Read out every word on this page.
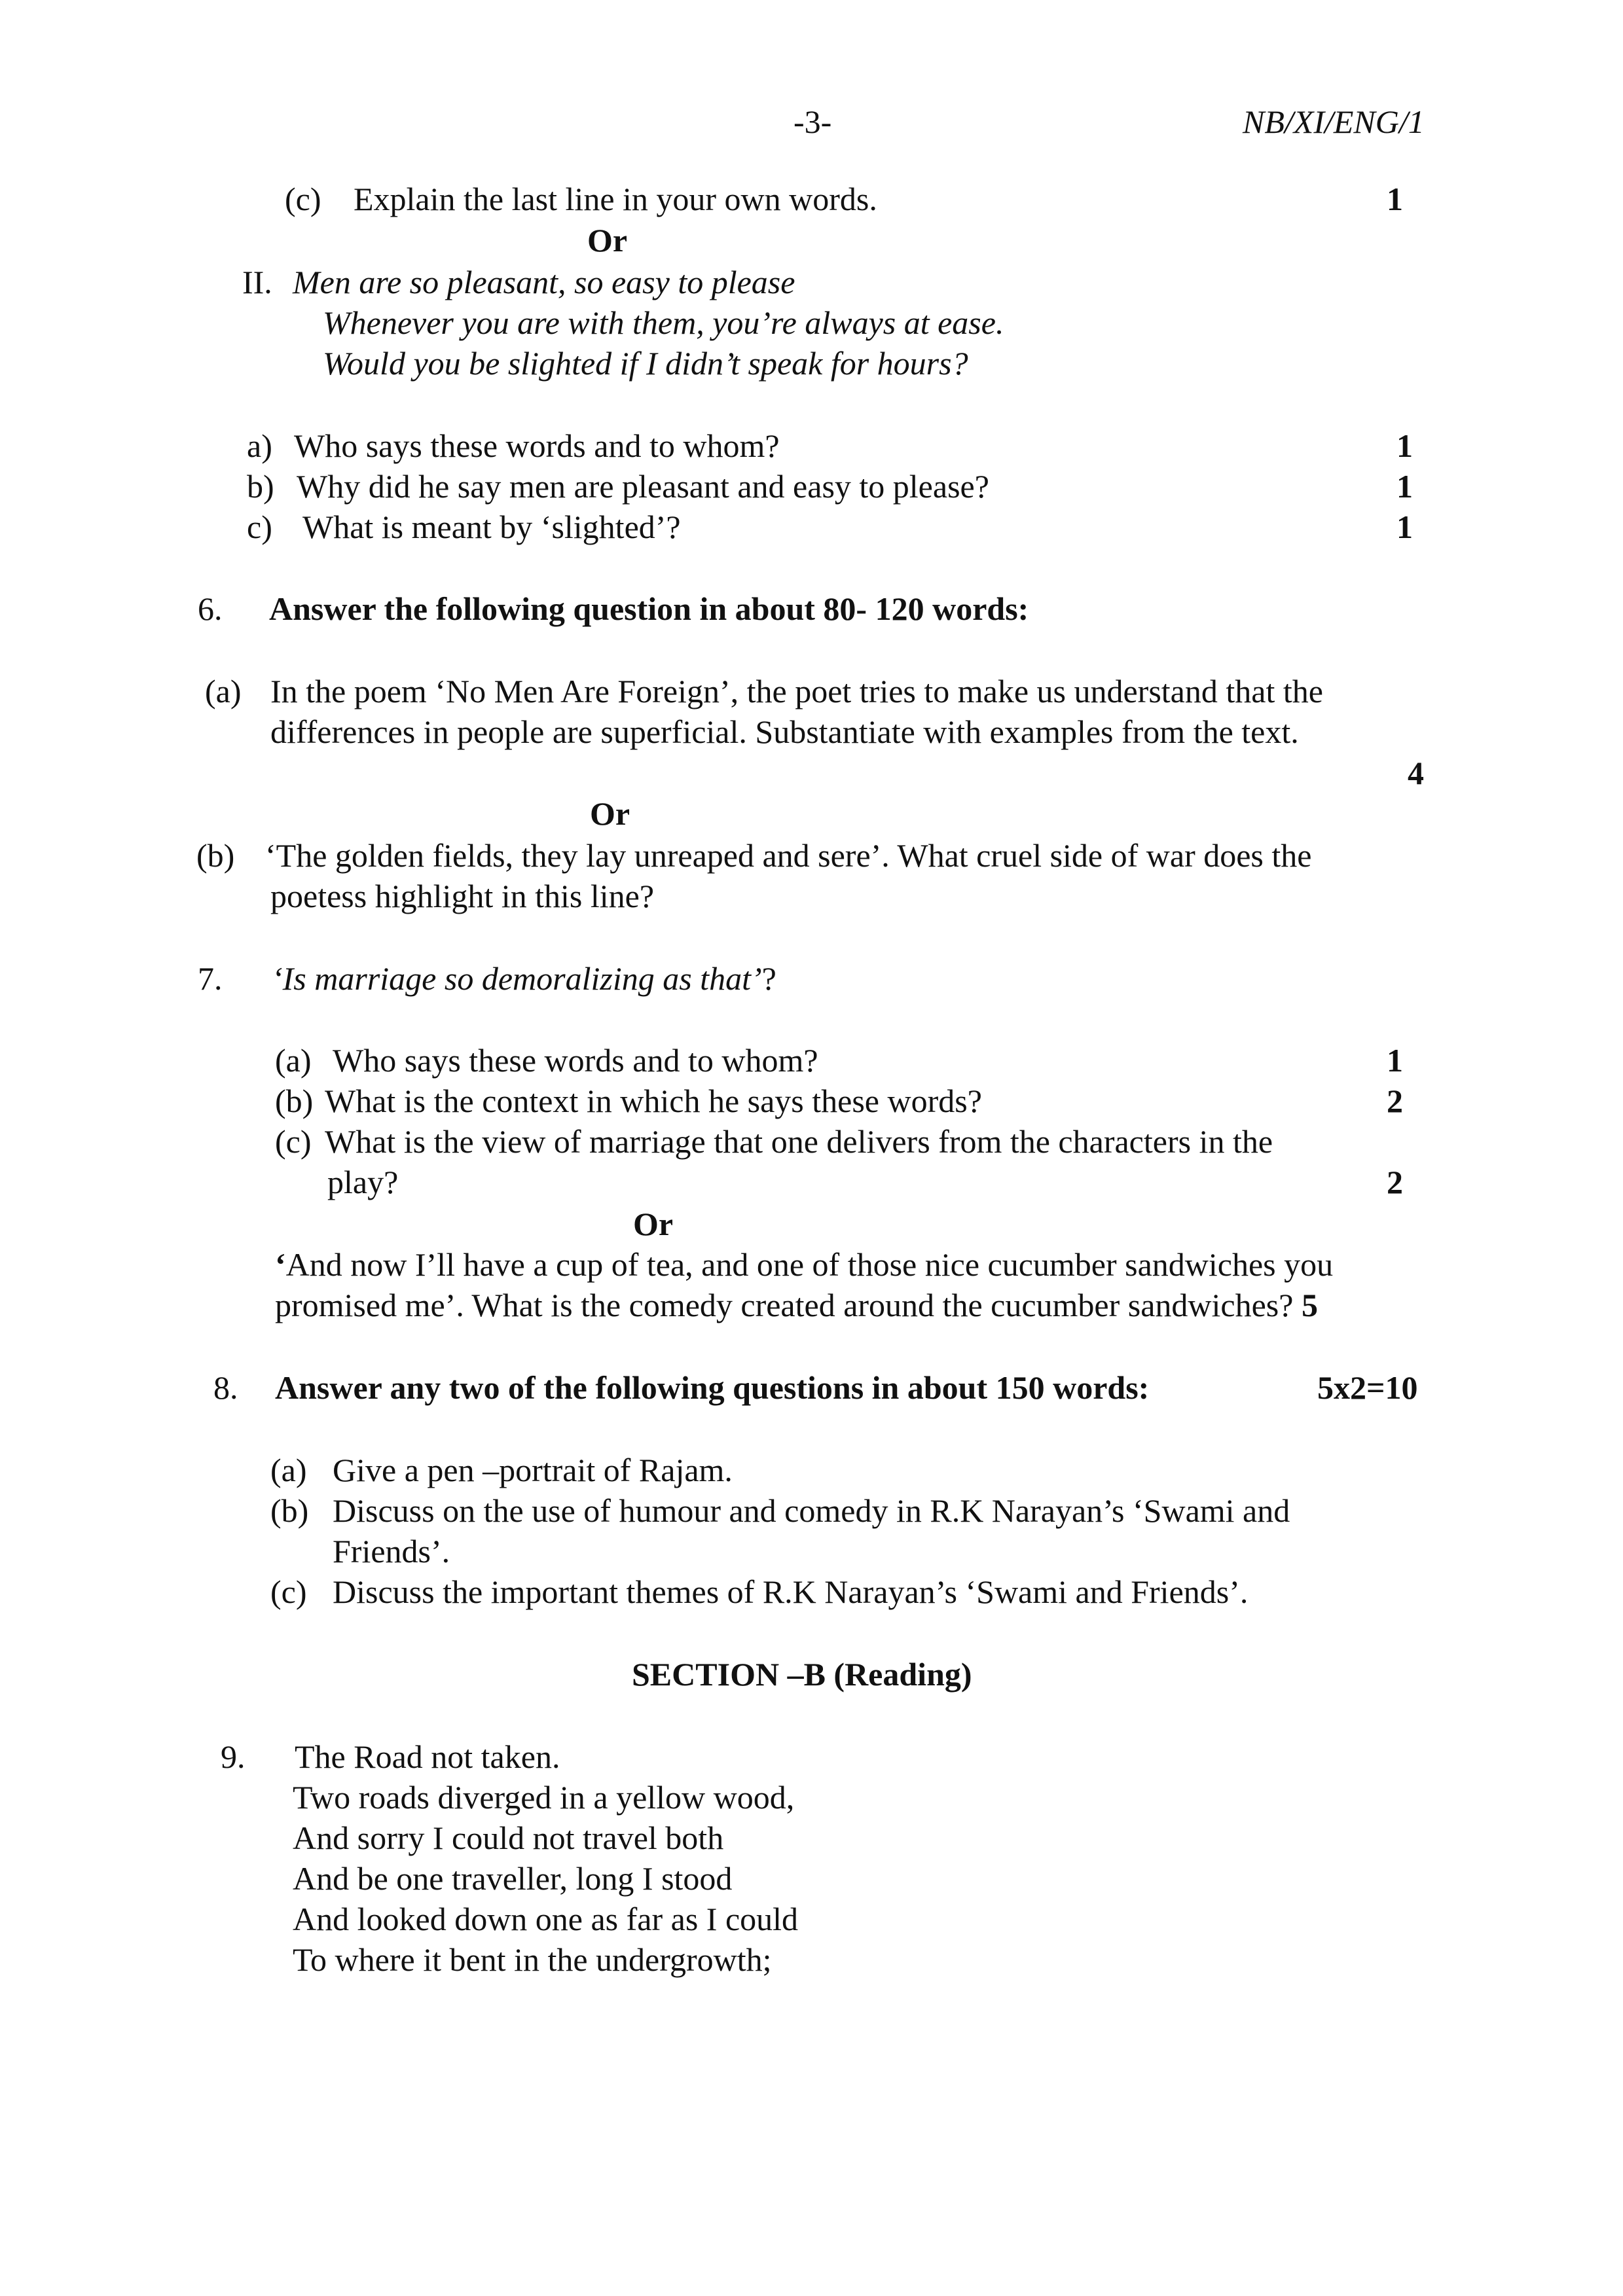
-3-	NB/XI/ENG/1
(c) Explain the last line in your own words.	1
Or
II. Men are so pleasant, so easy to please
Whenever you are with them, you’re always at ease.
Would you be slighted if I didn’t speak for hours?
a) Who says these words and to whom?	1
b) Why did he say men are pleasant and easy to please?	1
c) What is meant by ‘slighted’?	1
6. Answer the following question in about 80- 120 words:
(a) In the poem ‘No Men Are Foreign’, the poet tries to make us understand that the
differences in people are superficial. Substantiate with examples from the text.
4
Or
(b) ‘The golden fields, they lay unreaped and sere’. What cruel side of war does the
poetess highlight in this line?
7. ‘Is marriage so demoralizing as that’?
(a) Who says these words and to whom?	1
(b) What is the context in which he says these words?	2
(c) What is the view of marriage that one delivers from the characters in the
play?	2
Or
‘And now I’ll have a cup of tea, and one of those nice cucumber sandwiches you
promised me’. What is the comedy created around the cucumber sandwiches? 5
8. Answer any two of the following questions in about 150 words:	5x2=10
(a) Give a pen –portrait of Rajam.
(b) Discuss on the use of humour and comedy in R.K Narayan’s ‘Swami and
Friends’.
(c) Discuss the important themes of R.K Narayan’s ‘Swami and Friends’.
SECTION –B (Reading)
9. The Road not taken.
Two roads diverged in a yellow wood,
And sorry I could not travel both
And be one traveller, long I stood
And looked down one as far as I could
To where it bent in the undergrowth;
